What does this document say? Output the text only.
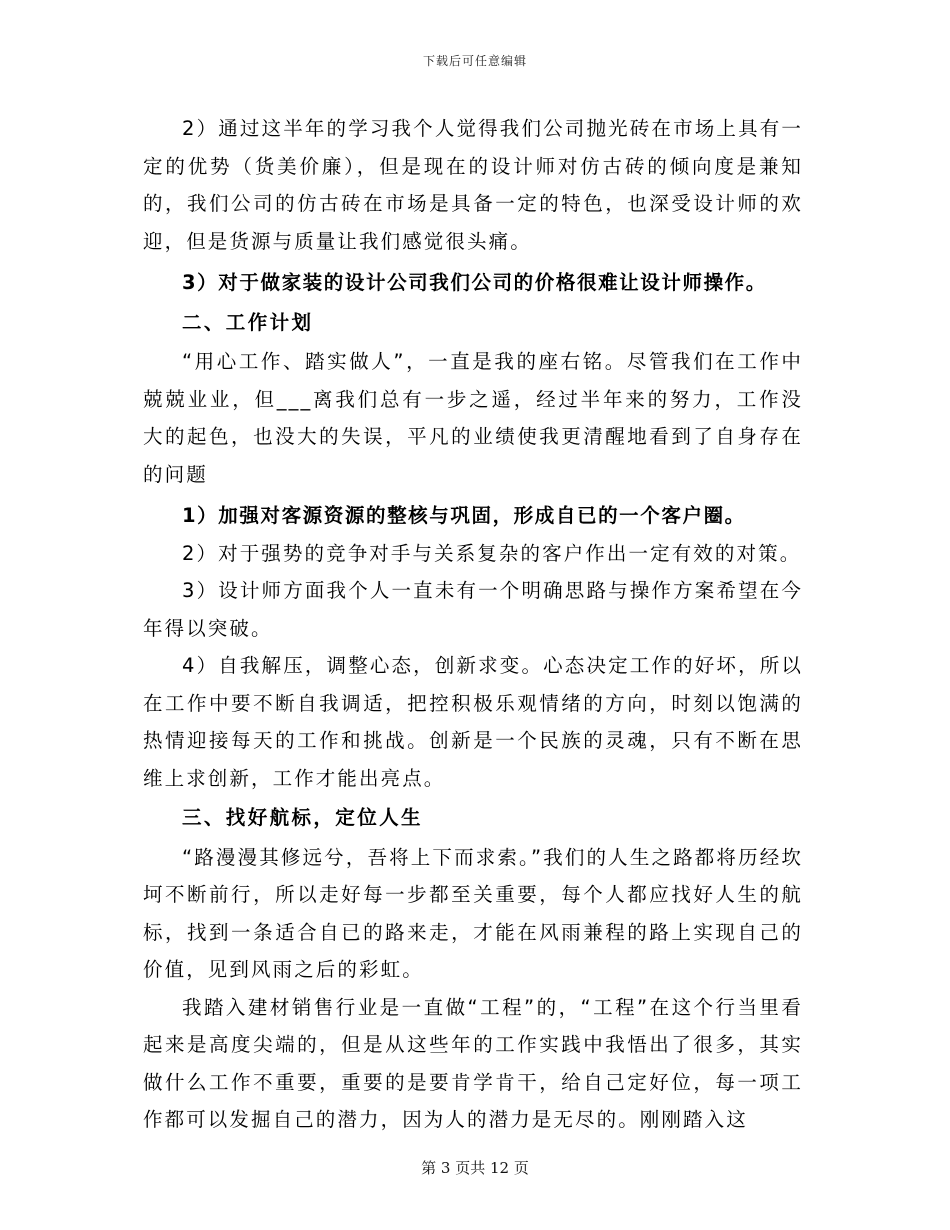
下载后可任意编辑

2）通过这半年的学习我个人觉得我们公司抛光砖在市场上具有一定的优势（货美价廉），但是现在的设计师对仿古砖的倾向度是兼知的，我们公司的仿古砖在市场是具备一定的特色，也深受设计师的欢迎，但是货源与质量让我们感觉很头痛。

3）对于做家装的设计公司我们公司的价格很难让设计师操作。

二、工作计划

“用心工作、踏实做人”，一直是我的座右铭。尽管我们在工作中兢兢业业，但___离我们总有一步之遥，经过半年来的努力，工作没大的起色，也没大的失误，平凡的业绩使我更清醒地看到了自身存在的问题

1）加强对客源资源的整核与巩固，形成自已的一个客户圈。

2）对于强势的竞争对手与关系复杂的客户作出一定有效的对策。

3）设计师方面我个人一直未有一个明确思路与操作方案希望在今年得以突破。

4）自我解压，调整心态，创新求变。心态决定工作的好坏，所以在工作中要不断自我调适，把控积极乐观情绪的方向，时刻以饱满的热情迎接每天的工作和挑战。创新是一个民族的灵魂，只有不断在思维上求创新，工作才能出亮点。

三、找好航标，定位人生

“路漫漫其修远兮，吾将上下而求索。”我们的人生之路都将历经坎坷不断前行，所以走好每一步都至关重要，每个人都应找好人生的航标，找到一条适合自已的路来走，才能在风雨兼程的路上实现自己的价值，见到风雨之后的彩虹。

我踏入建材销售行业是一直做“工程”的，“工程”在这个行当里看起来是高度尖端的，但是从这些年的工作实践中我悟出了很多，其实做什么工作不重要，重要的是要肯学肯干，给自己定好位，每一项工作都可以发掘自己的潜力，因为人的潜力是无尽的。刚刚踏入这

第 3 页共 12 页
